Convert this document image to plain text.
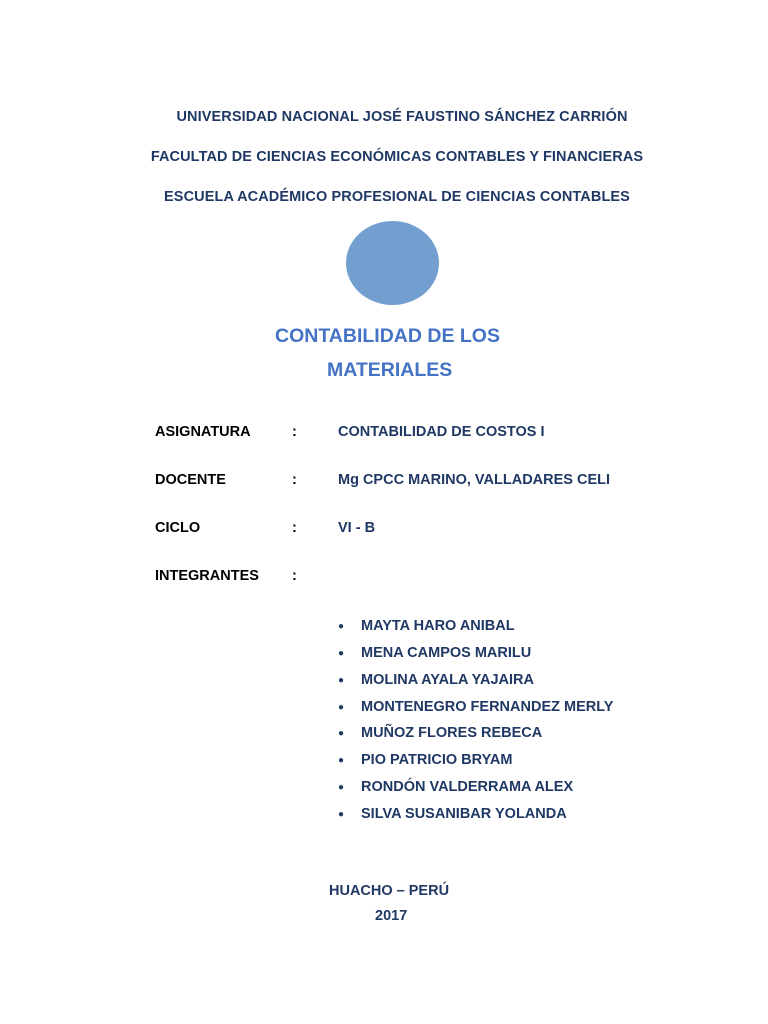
UNIVERSIDAD NACIONAL JOSÉ FAUSTINO SÁNCHEZ CARRIÓN
FACULTAD DE CIENCIAS ECONÓMICAS CONTABLES Y FINANCIERAS
ESCUELA ACADÉMICO PROFESIONAL DE CIENCIAS CONTABLES
CONTABILIDAD DE LOS
MATERIALES
ASIGNATURA	:	CONTABILIDAD DE COSTOS I
DOCENTE	:	Mg CPCC MARINO, VALLADARES CELI
CICLO	:	VI - B
INTEGRANTES :
● MAYTA HARO ANIBAL
● MENA CAMPOS MARILU
● MOLINA AYALA YAJAIRA
● MONTENEGRO FERNANDEZ MERLY
● MUÑOZ FLORES REBECA
● PIO PATRICIO BRYAM
● RONDÓN VALDERRAMA ALEX
● SILVA SUSANIBAR YOLANDA
HUACHO – PERÚ
2017
